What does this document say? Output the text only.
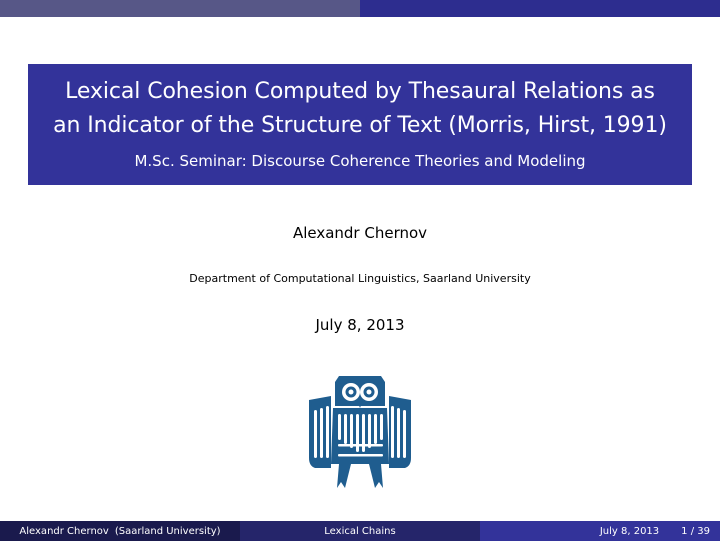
Lexical Cohesion Computed by Thesaural Relations as
an Indicator of the Structure of Text (Morris, Hirst, 1991)
M.Sc. Seminar: Discourse Coherence Theories and Modeling
Alexandr Chernov
Department of Computational Linguistics, Saarland University
July 8, 2013
Alexandr Chernov (Saarland University)	Lexical Chains	July 8, 2013 1 / 39
